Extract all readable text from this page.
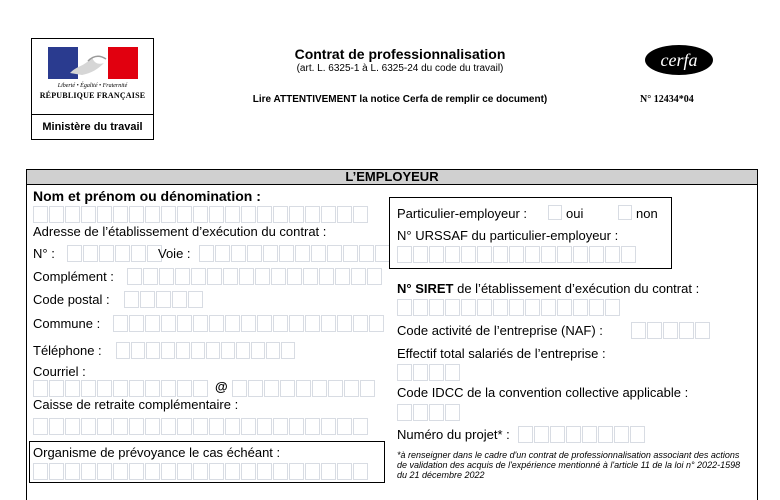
Liberté • Égalité • Fraternité
RÉPUBLIQUE FRANÇAISE
Ministère du travail
Contrat de professionnalisation
(art. L. 6325-1 à L. 6325-24 du code du travail)
Lire ATTENTIVEMENT la notice Cerfa de remplir ce document)
cerfa
N° 12434*04
L’EMPLOYEUR
Nom et prénom ou dénomination :
Adresse de l’établissement d’exécution du contrat :
N° :	Voie :
Complément :
Code postal :
Commune :
Téléphone :
Courriel :
@
Caisse de retraite complémentaire :
Organisme de prévoyance le cas échéant :
Particulier-employeur :	oui	non
N° URSSAF du particulier-employeur :
N° SIRET de l’établissement d’exécution du contrat :
Code activité de l’entreprise (NAF) :
Effectif total salariés de l’entreprise :
Code IDCC de la convention collective applicable :
Numéro du projet* :
*à renseigner dans le cadre d'un contrat de professionnalisation associant des actions de validation des acquis de l'expérience mentionné à l'article 11 de la loi n° 2022-1598 du 21 décembre 2022
